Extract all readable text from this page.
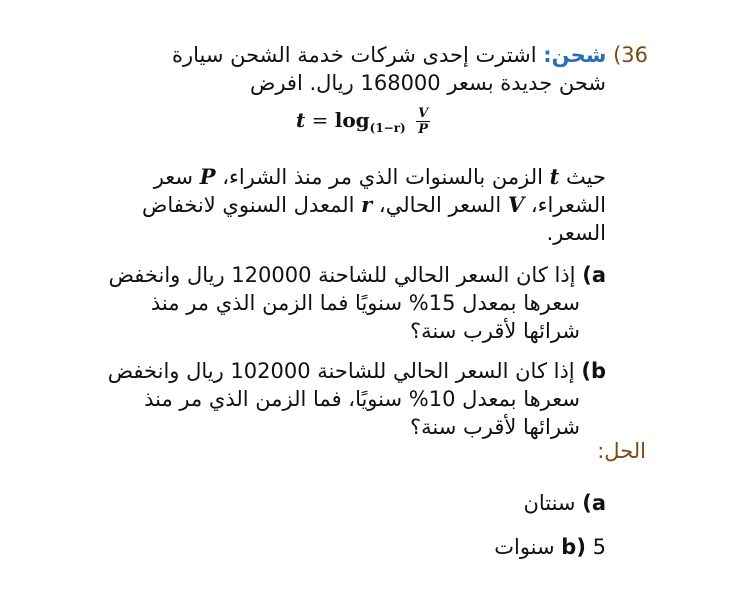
36) شحن: اشترت إحدى شركات خدمة الشحن سيارة
شحن جديدة بسعر 168000 ريال. افرض
$t = \log_{(1-r)} \frac{V}{P}$
حيث t الزمن بالسنوات الذي مر منذ الشراء، P سعر
الشعراء، V السعر الحالي، r المعدل السنوي لانخفاض
السعر.
a) إذا كان السعر الحالي للشاحنة 120000 ريال وانخفض
سعرها بمعدل 15% سنويًا فما الزمن الذي مر منذ
شرائها لأقرب سنة؟
b) إذا كان السعر الحالي للشاحنة 102000 ريال وانخفض
سعرها بمعدل 10% سنويًا، فما الزمن الذي مر منذ
شرائها لأقرب سنة؟
الحل:
a) سنتان
b) 5 سنوات
